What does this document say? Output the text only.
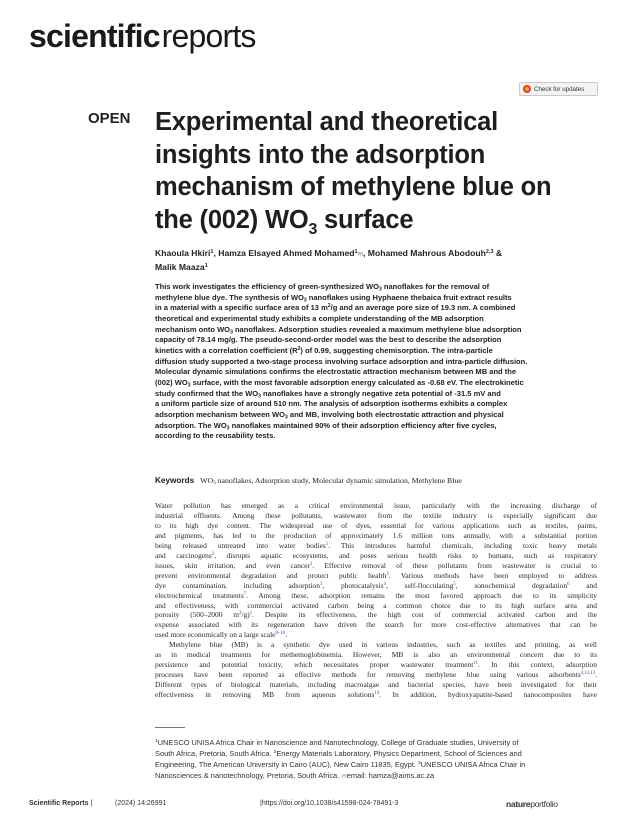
scientific reports
Check for updates
OPEN Experimental and theoretical
insights into the adsorption
mechanism of methylene blue on
the (002) $WO_3$ surface
Khaoula Hkiri$^1$, Hamza Elsayed Ahmed Mohamed$^1$✉, Mohamed Mahrous Abodouh$^{2,3}$ &
Malik Maaza$^1$
This work investigates the efficiency of green-synthesized $WO_3$ nanoflakes for the removal of
methylene blue dye. The synthesis of $WO_3$ nanoflakes using Hyphaene thebaica fruit extract results
in a material with a specific surface area of 13 $m^2/g$ and an average pore size of 19.3 nm. A combined
theoretical and experimental study exhibits a complete understanding of the MB adsorption
mechanism onto $WO_3$ nanoflakes. Adsorption studies revealed a maximum methylene blue adsorption
capacity of 78.14 mg/g. The pseudo-second-order model was the best to describe the adsorption
kinetics with a correlation coefficient $(R^2)$ of 0.99, suggesting chemisorption. The intra-particle
diffusion study supported a two-stage process involving surface adsorption and intra-particle diffusion.
Molecular dynamic simulations confirms the electrostatic attraction mechanism between MB and the
(002) $WO_3$ surface, with the most favorable adsorption energy calculated as -0.68 eV. The electrokinetic
study confirmed that the $WO_3$ nanoflakes have a strongly negative zeta potential of -31.5 mV and
a uniform particle size of around 510 nm. The analysis of adsorption isotherms exhibits a complex
adsorption mechanism between $WO_3$ and MB, involving both electrostatic attraction and physical
adsorption. The $WO_3$ nanoflakes maintained 90% of their adsorption efficiency after five cycles,
according to the reusability tests.
Keywords $WO_3$ nanoflakes, Adsorption study, Molecular dynamic simulation, Methylene Blue
Water pollution has emerged as a critical environmental issue, particularly with the increasing discharge of
industrial effluents. Among these pollutants, wastewater from the textile industry is especially significant due
to its high dye content. The widespread use of dyes, essential for various applications such as textiles, paints,
and pigments, has led to the production of approximately 1.6 million tons annually, with a substantial portion
being released untreated into water bodies$^1$. This introduces harmful chemicals, including toxic heavy metals
and carcinogens$^2$, disrupts aquatic ecosystems, and poses serious health risks to humans, such as respiratory
issues, skin irritation, and even cancer$^1$. Effective removal of these pollutants from wastewater is crucial to
prevent environmental degradation and protect public health$^3$. Various methods have been employed to address
dye contamination, including adsorption$^3$, photocatalysis$^4$, self-flocculating$^5$, sonochemical degradation$^6$ and
electrochemical treatments$^7$. Among these, adsorption remains the most favored approach due to its simplicity
and effectiveness, with commercial activated carbon being a common choice due to its high surface area and
porosity (500–2000 $m^2/g)^1$. Despite its effectiveness, the high cost of commercial activated carbon and the
expense associated with its regeneration have driven the search for more cost-effective alternatives that can be
used more economically on a large scale$^{8-10}$.
Methylene blue (MB) is a synthetic dye used in various industries, such as textiles and printing, as well
as in medical treatments for methemoglobinemia. However, MB is also an environmental concern due to its
persistence and potential toxicity, which necessitates proper wastewater treatment$^{11}$. In this context, adsorption
processes have been reported as effective methods for removing methylene blue using various adsorbents$^{3,12,13}$.
Different types of biological materials, including macroalgae and bacterial species, have been investigated for their
effectiveness in removing MB from aqueous solutions$^{14}$. In addition, hydroxyapatite-based nanocomposites have
$^1$UNESCO UNISA Africa Chair in Nanoscience and Nanotechnology, College of Graduate studies, University of
South Africa, Pretoria, South Africa. $^2$Energy Materials Laboratory, Physics Department, School of Sciences and
Engineering, The American University in Cairo (AUC), New Cairo 11835, Egypt. $^3$UNESCO UNISA Africa Chair in
Nanosciences & nanotechnology, Pretoria, South Africa. ✉email: hamza@aims.ac.za
Scientific Reports |	(2024) 14:26991	|https://doi.org/10.1038/s41598-024-78491-3	natureportfolio
